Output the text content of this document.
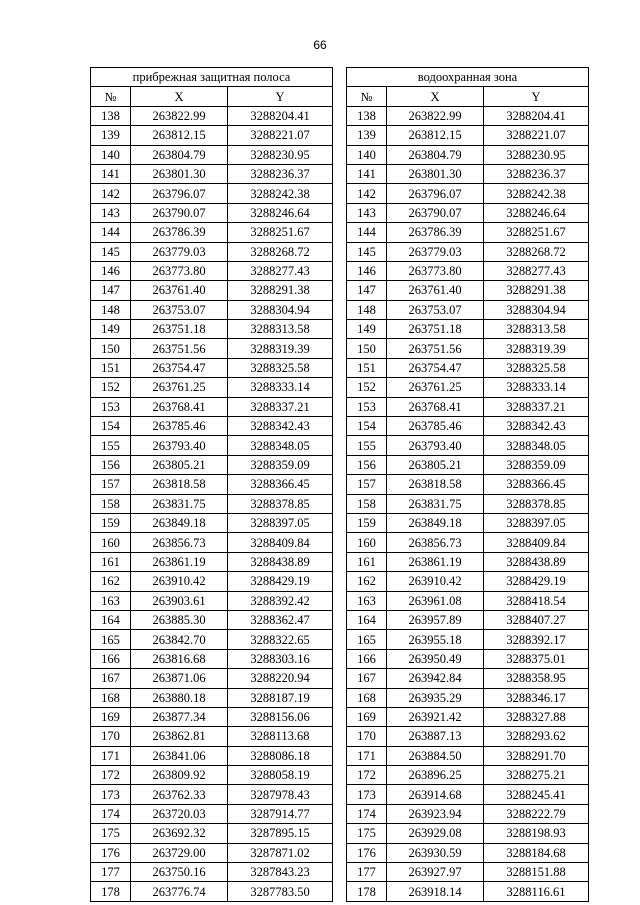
66
прибрежная защитная полоса		
№	X	Y
138	263822.99	3288204.41
139	263812.15	3288221.07
140	263804.79	3288230.95
141	263801.30	3288236.37
142	263796.07	3288242.38
143	263790.07	3288246.64
144	263786.39	3288251.67
145	263779.03	3288268.72
146	263773.80	3288277.43
147	263761.40	3288291.38
148	263753.07	3288304.94
149	263751.18	3288313.58
150	263751.56	3288319.39
151	263754.47	3288325.58
152	263761.25	3288333.14
153	263768.41	3288337.21
154	263785.46	3288342.43
155	263793.40	3288348.05
156	263805.21	3288359.09
157	263818.58	3288366.45
158	263831.75	3288378.85
159	263849.18	3288397.05
160	263856.73	3288409.84
161	263861.19	3288438.89
162	263910.42	3288429.19
163	263903.61	3288392.42
164	263885.30	3288362.47
165	263842.70	3288322.65
166	263816.68	3288303.16
167	263871.06	3288220.94
168	263880.18	3288187.19
169	263877.34	3288156.06
170	263862.81	3288113.68
171	263841.06	3288086.18
172	263809.92	3288058.19
173	263762.33	3287978.43
174	263720.03	3287914.77
175	263692.32	3287895.15
176	263729.00	3287871.02
177	263750.16	3287843.23
178	263776.74	3287783.50
водоохранная зона		
№	X	Y
138	263822.99	3288204.41
139	263812.15	3288221.07
140	263804.79	3288230.95
141	263801.30	3288236.37
142	263796.07	3288242.38
143	263790.07	3288246.64
144	263786.39	3288251.67
145	263779.03	3288268.72
146	263773.80	3288277.43
147	263761.40	3288291.38
148	263753.07	3288304.94
149	263751.18	3288313.58
150	263751.56	3288319.39
151	263754.47	3288325.58
152	263761.25	3288333.14
153	263768.41	3288337.21
154	263785.46	3288342.43
155	263793.40	3288348.05
156	263805.21	3288359.09
157	263818.58	3288366.45
158	263831.75	3288378.85
159	263849.18	3288397.05
160	263856.73	3288409.84
161	263861.19	3288438.89
162	263910.42	3288429.19
163	263961.08	3288418.54
164	263957.89	3288407.27
165	263955.18	3288392.17
166	263950.49	3288375.01
167	263942.84	3288358.95
168	263935.29	3288346.17
169	263921.42	3288327.88
170	263887.13	3288293.62
171	263884.50	3288291.70
172	263896.25	3288275.21
173	263914.68	3288245.41
174	263923.94	3288222.79
175	263929.08	3288198.93
176	263930.59	3288184.68
177	263927.97	3288151.88
178	263918.14	3288116.61
